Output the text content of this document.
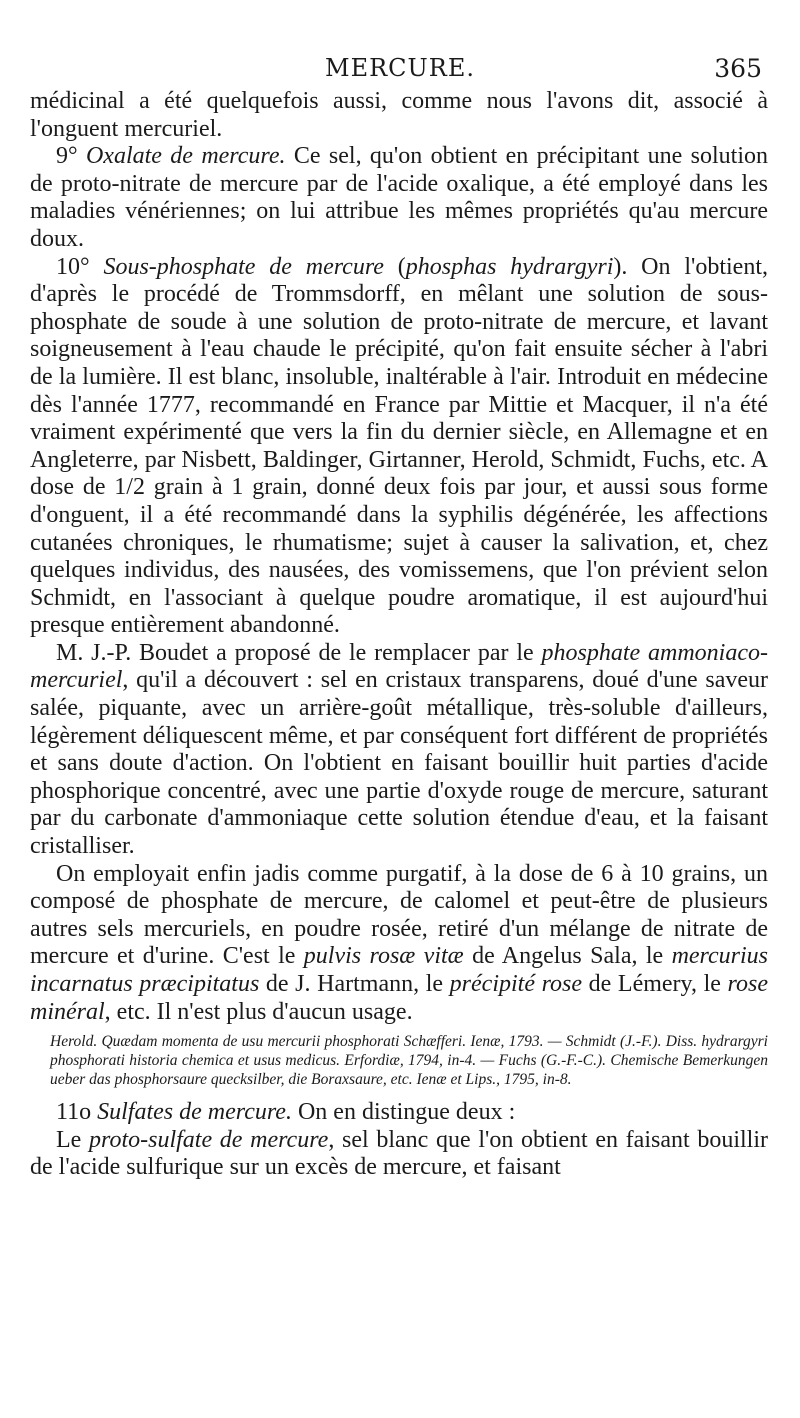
MERCURE.	365

médicinal a été quelquefois aussi, comme nous l'avons dit, associé à l'onguent mercuriel.

9° Oxalate de mercure. Ce sel, qu'on obtient en précipitant une solution de proto-nitrate de mercure par de l'acide oxalique, a été employé dans les maladies vénériennes; on lui attribue les mêmes propriétés qu'au mercure doux.

10° Sous-phosphate de mercure (phosphas hydrargyri). On l'obtient, d'après le procédé de Trommsdorff, en mêlant une solution de sous-phosphate de soude à une solution de proto-nitrate de mercure, et lavant soigneusement à l'eau chaude le précipité, qu'on fait ensuite sécher à l'abri de la lumière. Il est blanc, insoluble, inaltérable à l'air. Introduit en médecine dès l'année 1777, recommandé en France par Mittie et Macquer, il n'a été vraiment expérimenté que vers la fin du dernier siècle, en Allemagne et en Angleterre, par Nisbett, Baldinger, Girtanner, Herold, Schmidt, Fuchs, etc. A dose de 1/2 grain à 1 grain, donné deux fois par jour, et aussi sous forme d'onguent, il a été recommandé dans la syphilis dégénérée, les affections cutanées chroniques, le rhumatisme; sujet à causer la salivation, et, chez quelques individus, des nausées, des vomissemens, que l'on prévient selon Schmidt, en l'associant à quelque poudre aromatique, il est aujourd'hui presque entièrement abandonné.

M. J.-P. Boudet a proposé de le remplacer par le phosphate ammoniaco-mercuriel, qu'il a découvert : sel en cristaux transparens, doué d'une saveur salée, piquante, avec un arrière-goût métallique, très-soluble d'ailleurs, légèrement déliquescent même, et par conséquent fort différent de propriétés et sans doute d'action. On l'obtient en faisant bouillir huit parties d'acide phosphorique concentré, avec une partie d'oxyde rouge de mercure, saturant par du carbonate d'ammoniaque cette solution étendue d'eau, et la faisant cristalliser.

On employait enfin jadis comme purgatif, à la dose de 6 à 10 grains, un composé de phosphate de mercure, de calomel et peut-être de plusieurs autres sels mercuriels, en poudre rosée, retiré d'un mélange de nitrate de mercure et d'urine. C'est le pulvis rosæ vitæ de Angelus Sala, le mercurius incarnatus præcipitatus de J. Hartmann, le précipité rose de Lémery, le rose minéral, etc. Il n'est plus d'aucun usage.

Herold. Quædam momenta de usu mercurii phosphorati Schæfferi. Ienæ, 1793. — Schmidt (J.-F.). Diss. hydrargyri phosphorati historia chemica et usus medicus. Erfordiæ, 1794, in-4. — Fuchs (G.-F.-C.). Chemische Bemerkungen ueber das phosphorsaure quecksilber, die Boraxsaure, etc. Ienæ et Lips., 1795, in-8.

11o Sulfates de mercure. On en distingue deux :

Le proto-sulfate de mercure, sel blanc que l'on obtient en faisant bouillir de l'acide sulfurique sur un excès de mercure, et faisant
